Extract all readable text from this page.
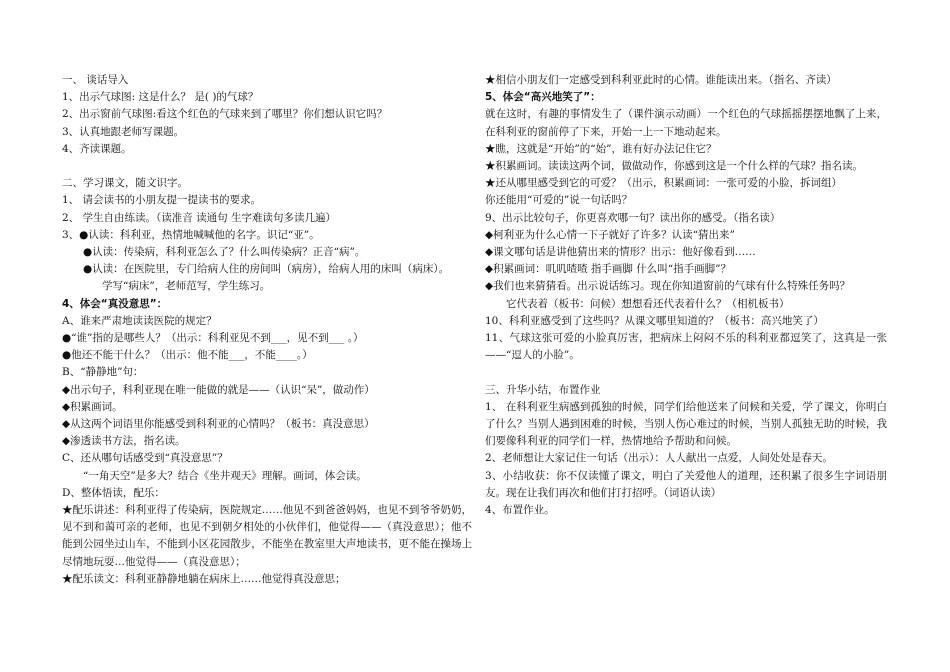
一、 谈话导入
1、出示气球图: 这是什么？ 是( )的气球？
2、出示窗前气球图:看这个红色的气球来到了哪里？你们想认识它吗？
3、认真地跟老师写课题。
4、齐读课题。
二、学习课文，随文识字。
1、 请会读书的小朋友提一提读书的要求。
2、 学生自由练读。（读准音 读通句 生字难读句多读几遍）
3、●认读：科利亚，热情地喊喊他的名字。识记“亚”。
●认读：传染病，科利亚怎么了？什么叫传染病？正音“病”。
●认读：在医院里，专门给病人住的房间叫（病房），给病人用的床叫（病床）。
学写“病床”，老师范写，学生练习。
4、体会“真没意思”：
A、谁来严肃地读读医院的规定？
●“谁”指的是哪些人？（出示：科利亚见不到___，见不到___ 。）
●他还不能干什么？（出示：他不能___，不能____。）
B、“静静地”句：
◆出示句子，科利亚现在唯一能做的就是——（认识“呆”，做动作）
◆积累画词。
◆从这两个词语里你能感受到科利亚的心情吗？（板书：真没意思）
◆渗透读书方法，指名读。
C、还从哪句话感受到“真没意思”？
“一角天空”是多大？结合《坐井观天》理解。画词，体会读。
D、整体悟读，配乐：
★配乐讲述：科利亚得了传染病，医院规定……他见不到爸爸妈妈，也见不到爷爷奶奶，见不到和蔼可亲的老师，也见不到朝夕相处的小伙伴们，他觉得——（真没意思）；他不能到公园坐过山车，不能到小区花园散步，不能坐在教室里大声地读书，更不能在操场上尽情地玩耍…他觉得——（真没意思）；
★配乐读文：科利亚静静地躺在病床上……他觉得真没意思；
★相信小朋友们一定感受到科利亚此时的心情。谁能读出来。（指名、齐读）
5、体会“高兴地笑了”：
就在这时，有趣的事情发生了（课件演示动画）一个红色的气球摇摇摆摆地飘了上来，在科利亚的窗前停了下来，开始一上一下地动起来。
★瞧，这就是“开始”的“始”，谁有好办法记住它？
★积累画词。读读这两个词，做做动作，你感到这是一个什么样的气球？指名读。
★还从哪里感受到它的可爱？（出示，积累画词：一张可爱的小脸，拆词组）
你还能用“可爱的”说一句话吗？
9、出示比较句子，你更喜欢哪一句？读出你的感受。（指名读）
◆柯利亚为什么心情一下子就好了许多？认读“猜出来”
◆课文哪句话是讲他猜出来的情形？出示：他好像看到……
◆积累画词：叽叽喳喳 指手画脚 什么叫“指手画脚”？
◆我们也来猜猜看。出示说话练习。现在你知道窗前的气球有什么特殊任务吗？
它代表着（板书：问候）想想看还代表着什么？（相机板书）
10、科利亚感受到了这些吗？从课文哪里知道的？（板书：高兴地笑了）
11、气球这张可爱的小脸真厉害，把病床上闷闷不乐的科利亚都逗笑了，这真是一张——“逗人的小脸”。
三、升华小结，布置作业
1、 在科利亚生病感到孤独的时候，同学们给他送来了问候和关爱，学了课文，你明白了什么？当别人遇到困难的时候，当别人伤心难过的时候，当别人孤独无助的时候，我们要像科利亚的同学们一样，热情地给予帮助和问候。
2、老师想让大家记住一句话（出示）：人人献出一点爱，人间处处是春天。
3、小结收获：你不仅读懂了课文，明白了关爱他人的道理，还积累了很多生字词语朋友。现在让我们再次和他们打打招呼。（词语认读）
4、布置作业。
